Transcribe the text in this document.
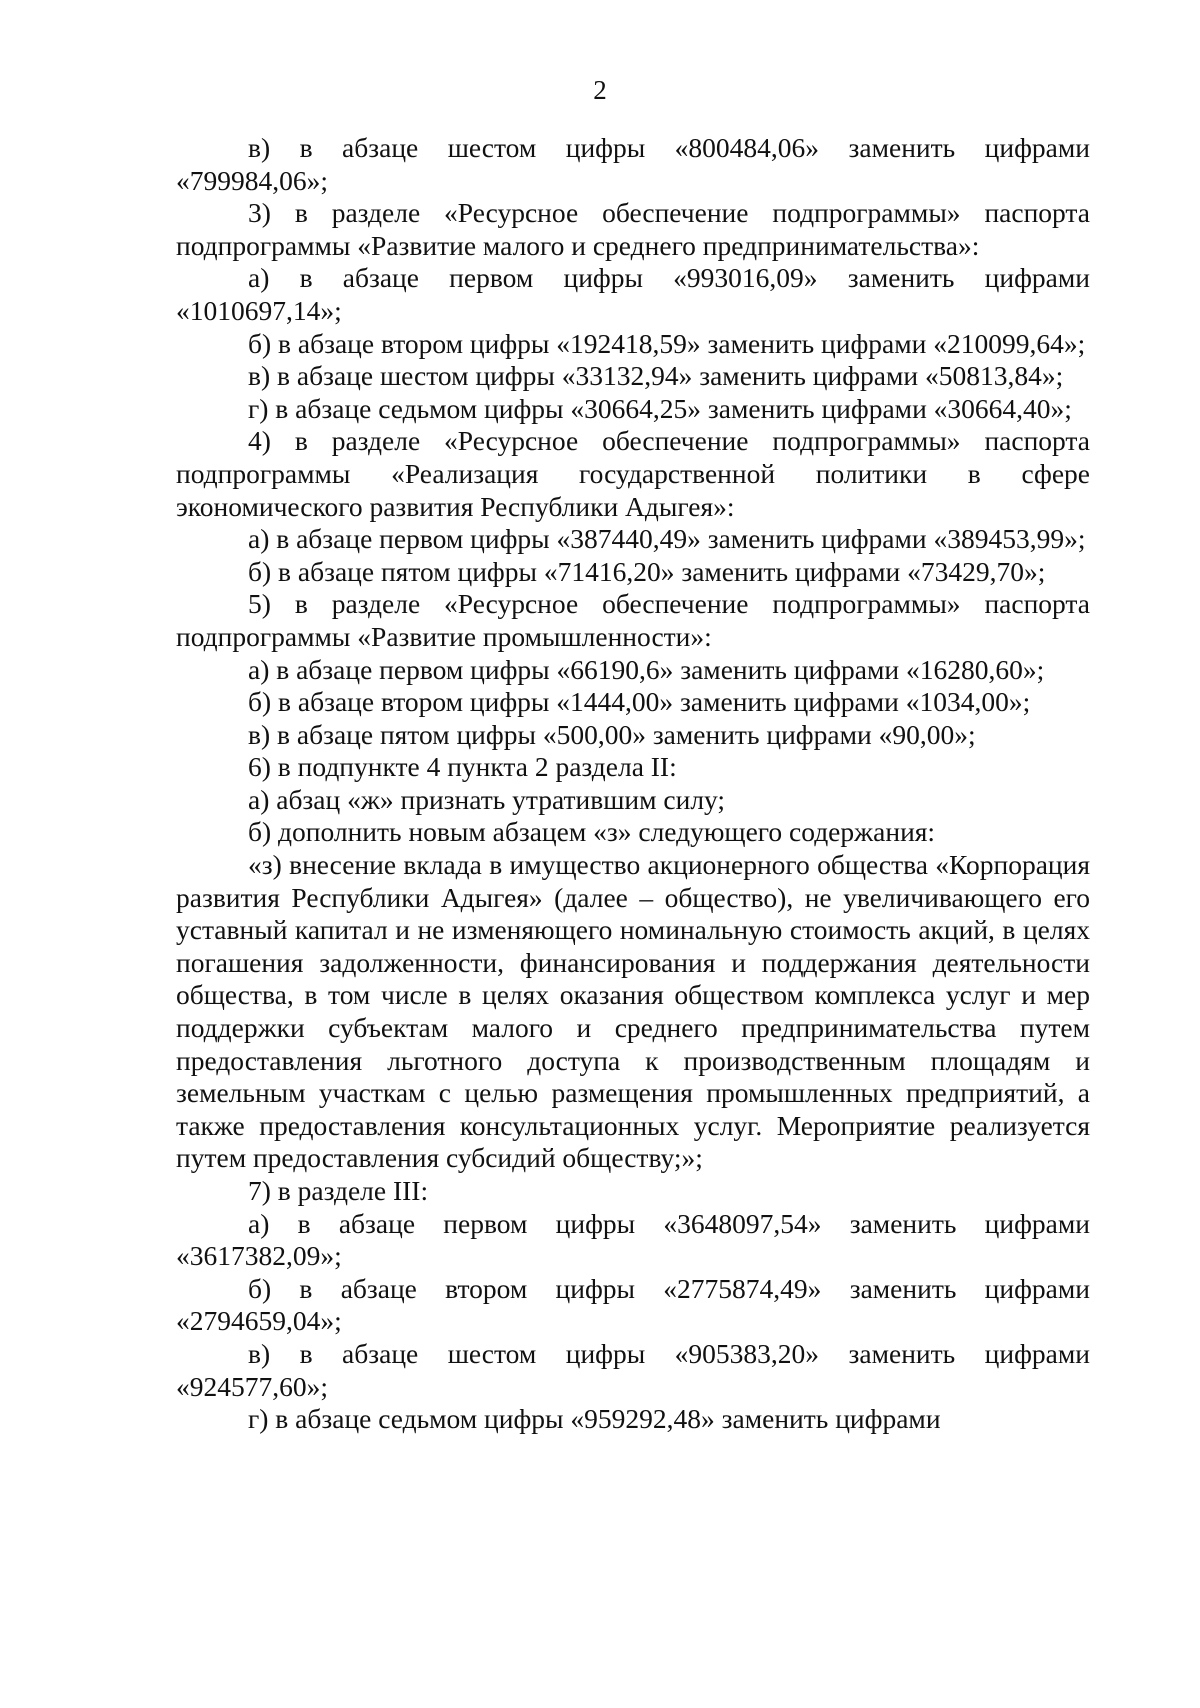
2

в) в абзаце шестом цифры «800484,06» заменить цифрами «799984,06»;

3) в разделе «Ресурсное обеспечение подпрограммы» паспорта подпрограммы «Развитие малого и среднего предпринимательства»:

а) в абзаце первом цифры «993016,09» заменить цифрами «1010697,14»;

б) в абзаце втором цифры «192418,59» заменить цифрами «210099,64»;

в) в абзаце шестом цифры «33132,94» заменить цифрами «50813,84»;

г) в абзаце седьмом цифры «30664,25» заменить цифрами «30664,40»;

4) в разделе «Ресурсное обеспечение подпрограммы» паспорта подпрограммы «Реализация государственной политики в сфере экономического развития Республики Адыгея»:

а) в абзаце первом цифры «387440,49» заменить цифрами «389453,99»;

б) в абзаце пятом цифры «71416,20» заменить цифрами «73429,70»;

5) в разделе «Ресурсное обеспечение подпрограммы» паспорта подпрограммы «Развитие промышленности»:

а) в абзаце первом цифры «66190,6» заменить цифрами «16280,60»;

б) в абзаце втором цифры «1444,00» заменить цифрами «1034,00»;

в) в абзаце пятом цифры «500,00» заменить цифрами «90,00»;

6) в подпункте 4 пункта 2 раздела II:

а) абзац «ж» признать утратившим силу;

б) дополнить новым абзацем «з» следующего содержания:

«з) внесение вклада в имущество акционерного общества «Корпорация развития Республики Адыгея» (далее – общество), не увеличивающего его уставный капитал и не изменяющего номинальную стоимость акций, в целях погашения задолженности, финансирования и поддержания деятельности общества, в том числе в целях оказания обществом комплекса услуг и мер поддержки субъектам малого и среднего предпринимательства путем предоставления льготного доступа к производственным площадям и земельным участкам с целью размещения промышленных предприятий, а также предоставления консультационных услуг. Мероприятие реализуется путем предоставления субсидий обществу;»;

7) в разделе III:

а) в абзаце первом цифры «3648097,54» заменить цифрами «3617382,09»;

б) в абзаце втором цифры «2775874,49» заменить цифрами «2794659,04»;

в) в абзаце шестом цифры «905383,20» заменить цифрами «924577,60»;

г) в абзаце седьмом цифры «959292,48» заменить цифрами
